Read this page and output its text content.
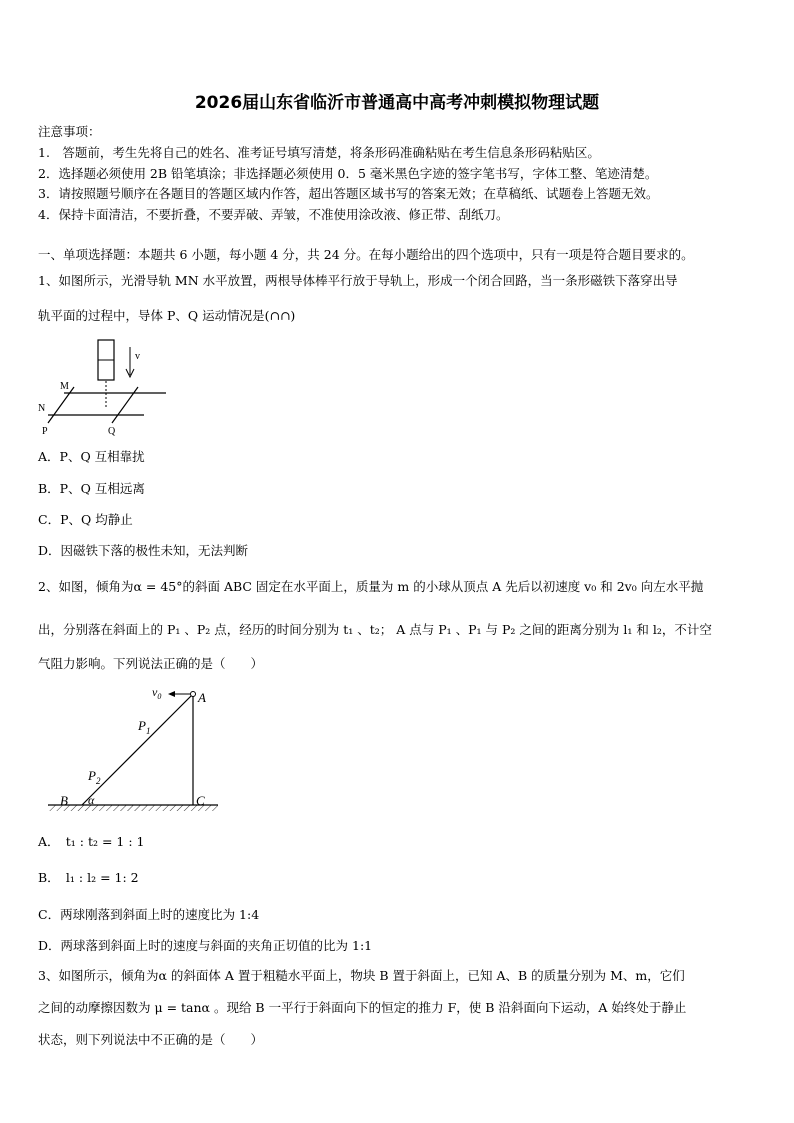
2026届山东省临沂市普通高中高考冲刺模拟物理试题
注意事项：
1.　答题前，考生先将自己的姓名、准考证号填写清楚，将条形码准确粘贴在考生信息条形码粘贴区。
2．选择题必须使用 2B 铅笔填涂；非选择题必须使用 0．5 毫米黑色字迹的签字笔书写，字体工整、笔迹清楚。
3．请按照题号顺序在各题目的答题区域内作答，超出答题区域书写的答案无效；在草稿纸、试题卷上答题无效。
4．保持卡面清洁，不要折叠，不要弄破、弄皱，不准使用涂改液、修正带、刮纸刀。
一、单项选择题：本题共 6 小题，每小题 4 分，共 24 分。在每小题给出的四个选项中，只有一项是符合题目要求的。
1、如图所示，光滑导轨 MN 水平放置，两根导体棒平行放于导轨上，形成一个闭合回路，当一条形磁铁下落穿出导
轨平面的过程中，导体 P、Q 运动情况是(∩∩)
v
M
N
P	Q
A．P、Q 互相靠扰
B．P、Q 互相远离
C．P、Q 均静止
D．因磁铁下落的极性未知，无法判断
2、如图，倾角为α = 45°的斜面 ABC 固定在水平面上，质量为 m 的小球从顶点 A 先后以初速度 v₀ 和 2v₀ 向左水平抛
出，分别落在斜面上的 P₁ 、P₂ 点，经历的时间分别为 t₁ 、t₂； A 点与 P₁ 、P₁ 与 P₂ 之间的距离分别为 l₁ 和 l₂，不计空
气阻力影响。下列说法正确的是（　　）
$v_0$	A
$P_1$
$P_2$
B α	C
A．　t₁ : t₂ = 1 : 1
B．　l₁ : l₂ = 1: 2
C．两球刚落到斜面上时的速度比为 1:4
D．两球落到斜面上时的速度与斜面的夹角正切值的比为 1:1
3、如图所示，倾角为α 的斜面体 A 置于粗糙水平面上，物块 B 置于斜面上，已知 A、B 的质量分别为 M、m，它们
之间的动摩擦因数为 μ = tanα 。现给 B 一平行于斜面向下的恒定的推力 F，使 B 沿斜面向下运动，A 始终处于静止
状态，则下列说法中不正确的是（　　）
